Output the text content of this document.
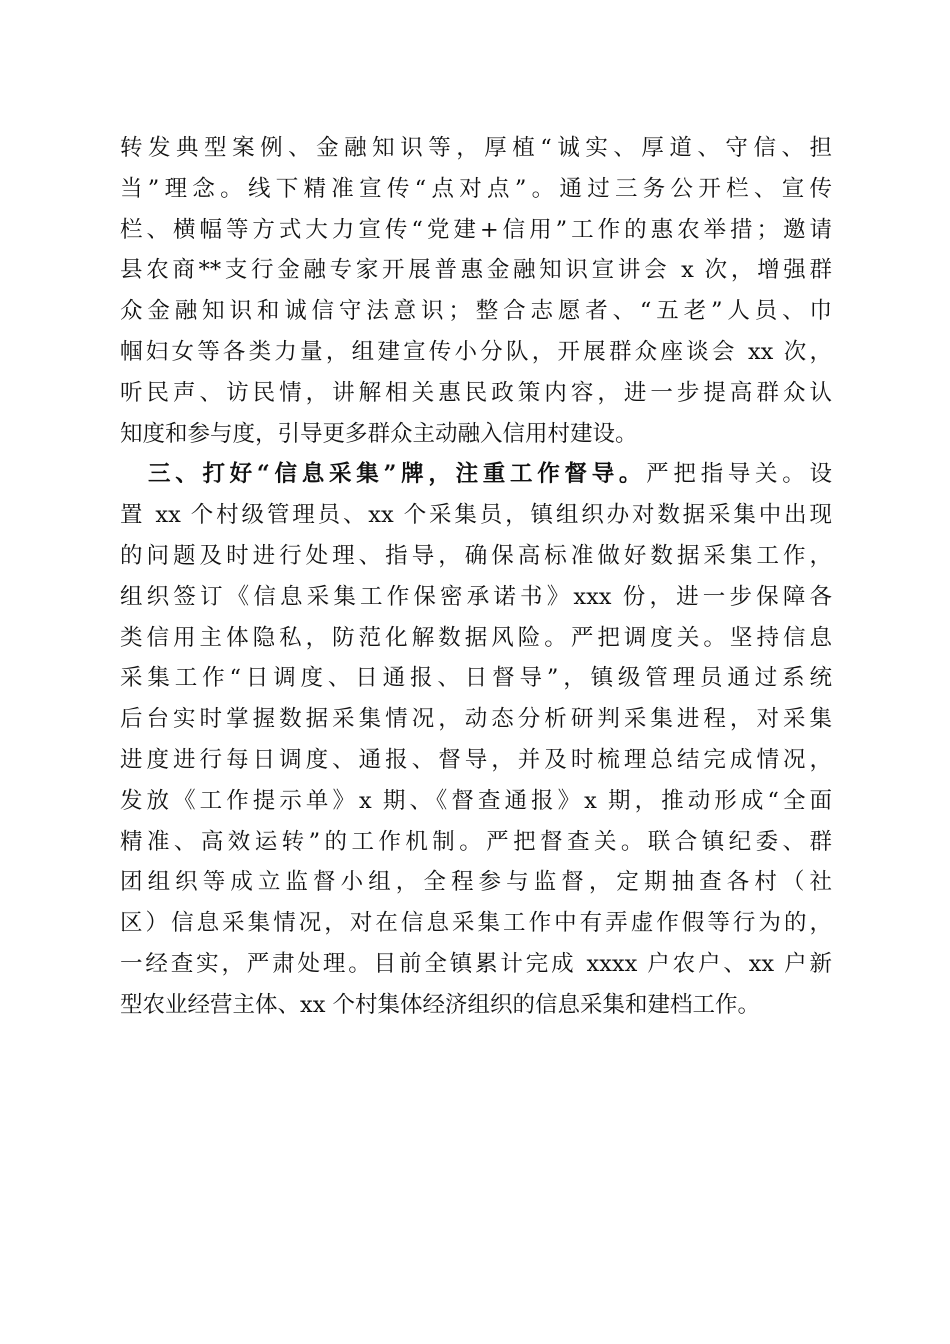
转发典型案例、金融知识等，厚植“诚实、厚道、守信、担
当”理念。线下精准宣传“点对点”。通过三务公开栏、宣传
栏、横幅等方式大力宣传“党建+信用”工作的惠农举措；邀请
县农商**支行金融专家开展普惠金融知识宣讲会 x 次，增强群
众金融知识和诚信守法意识；整合志愿者、“五老”人员、巾
帼妇女等各类力量，组建宣传小分队，开展群众座谈会 xx 次，
听民声、访民情，讲解相关惠民政策内容，进一步提高群众认
知度和参与度，引导更多群众主动融入信用村建设。
三、打好“信息采集”牌，注重工作督导。严把指导关。设
置 xx 个村级管理员、xx 个采集员，镇组织办对数据采集中出现
的问题及时进行处理、指导，确保高标准做好数据采集工作，
组织签订《信息采集工作保密承诺书》xxx 份，进一步保障各
类信用主体隐私，防范化解数据风险。严把调度关。坚持信息
采集工作“日调度、日通报、日督导”，镇级管理员通过系统
后台实时掌握数据采集情况，动态分析研判采集进程，对采集
进度进行每日调度、通报、督导，并及时梳理总结完成情况，
发放《工作提示单》x 期、《督查通报》x 期，推动形成“全面
精准、高效运转”的工作机制。严把督查关。联合镇纪委、群
团组织等成立监督小组，全程参与监督，定期抽查各村（社
区）信息采集情况，对在信息采集工作中有弄虚作假等行为的，
一经查实，严肃处理。目前全镇累计完成 xxxx 户农户、xx 户新
型农业经营主体、xx 个村集体经济组织的信息采集和建档工作。
